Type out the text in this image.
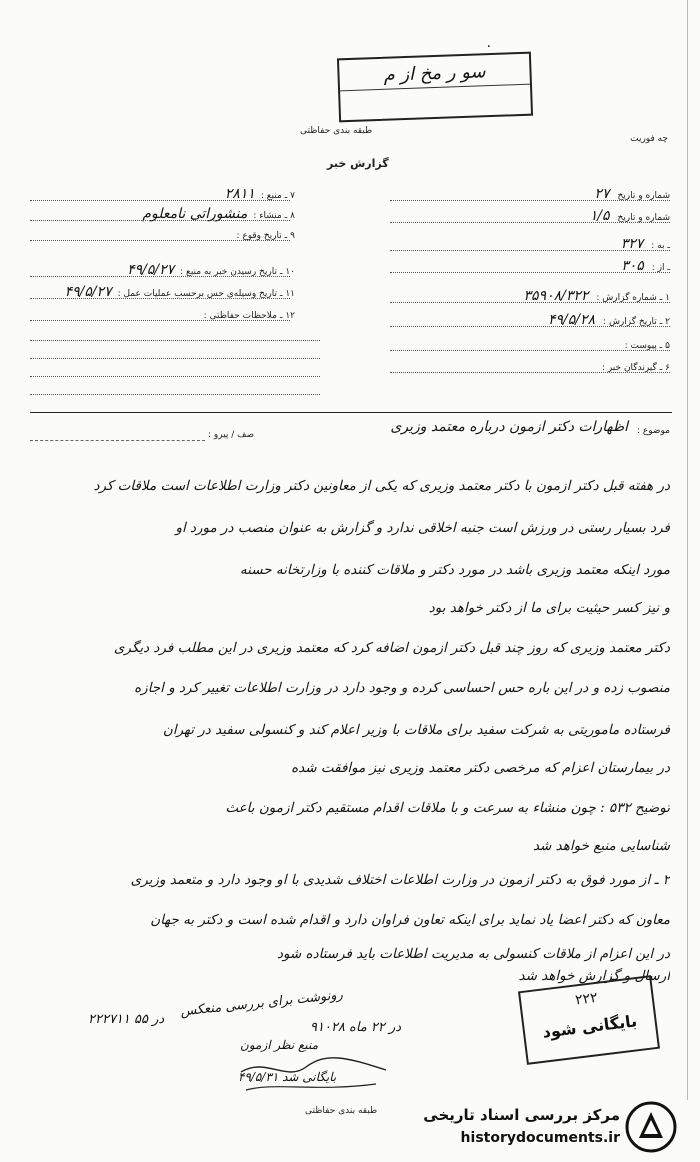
٠
سو ر مخ از م
چه فوریت
طبقه بندی حفاظتی
گزارش خبر
۷ ـ منبع :۲۸۱۱
۸ ـ منشاء :منشوراتی نامعلوم
۹ ـ تاریخ وقوع :
۱۰ ـ تاریخ رسیدن خبر به منبع :۴۹/۵/۲۷
۱۱ ـ تاریخ وسیله‌ی حس برحسب عملیات عمل :۴۹/۵/۲۷
۱۲ ـ ملاحظات حفاظتی :
شماره و تاریخ۲۷
شماره و تاریخ۱/۵
ـ به :۳۲۷
ـ از :۳۰۵
۱ ـ شماره گزارش :۳۵۹۰۸/۳۲۲
۲ ـ تاریخ گزارش :۴۹/۵/۲۸
۵ ـ پیوست :
۶ ـ گیرندگان خبر :
موضوع :
اظهارات دکتر ازمون درباره معتمد وزیری
صف / پیرو :
در هفته قبل دکتر ازمون با دکتر معتمد وزیری که یکی از معاونین دکتر وزارت اطلاعات است ملاقات کرد
فرد بسیار رستی در ورزش است جنبه اخلاقی ندارد و گزارش به عنوان منصب در مورد او
مورد اینکه معتمد وزیری باشد در مورد دکتر و ملاقات کننده با وزارتخانه حسنه
و نیز کسر حیثیت برای ما از دکتر خواهد بود
دکتر معتمد وزیری که روز چند قبل دکتر ازمون اضافه کرد که معتمد وزیری در این مطلب فرد دیگری
منصوب زده و در این باره حس احساسی کرده و وجود دارد در وزارت اطلاعات تغییر کرد و اجازه
فرستاده ماموریتی به شرکت سفید برای ملاقات با وزیر اعلام کند و کنسولی سفید در تهران
در بیمارستان اعزام که مرخصی دکتر معتمد وزیری نیز موافقت شده
توضیح ۵۳۲ : چون منشاء به سرعت و با ملاقات اقدام مستقیم دکتر ازمون باعث
شناسایی منبع خواهد شد
۲ ـ از مورد فوق به دکتر ازمون در وزارت اطلاعات اختلاف شدیدی با او وجود دارد و متعمد وزیری
معاون که دکتر اعضا یاد نماید برای اینکه تعاون فراوان دارد و اقدام شده است و دکتر به جهان
در این اعزام از ملاقات کنسولی به مدیریت اطلاعات باید فرستاده شود
ارسال و گزارش خواهد شد
رونوشت برای بررسی منعکس
در ۵۵ ۲۲۲۷۱۱
در ۲۲ ماه ۹۱۰۲۸
منبع نظر ازمون
۲۲۲
بایگانی شود
بایگانی شد ۴۹/۵/۳۱
طبقه بندی حفاظتی	مرکز بررسی اسناد تاریخی
historydocuments.ir
